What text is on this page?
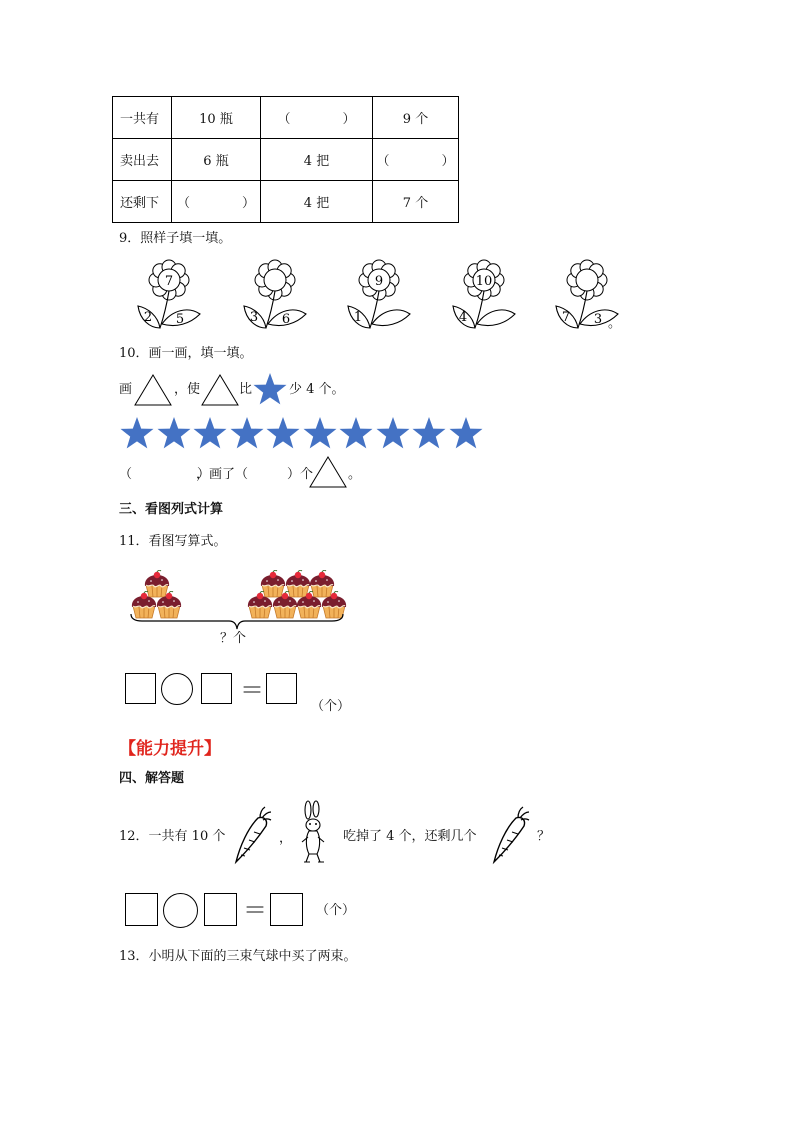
一共有	10 瓶	（　　　　）	9 个
卖出去	6 瓶	4 把	（　　　　）
还剩下	（　　　　）	4 把	7 个
9．照样子填一填。
7
2 5	3 6
9
1
10
4	7 3 。
10．画一画，填一填。
画	，使	比	少 4 个。
（　　　　　）
，画了（　　　）个	。
三、看图列式计算
11．看图写算式。
？个
＝
（个）
【能力提升】
四、解答题
12．一共有 10 个	，	吃掉了 4 个，还剩几个	？
＝	（个）
13．小明从下面的三束气球中买了两束。
